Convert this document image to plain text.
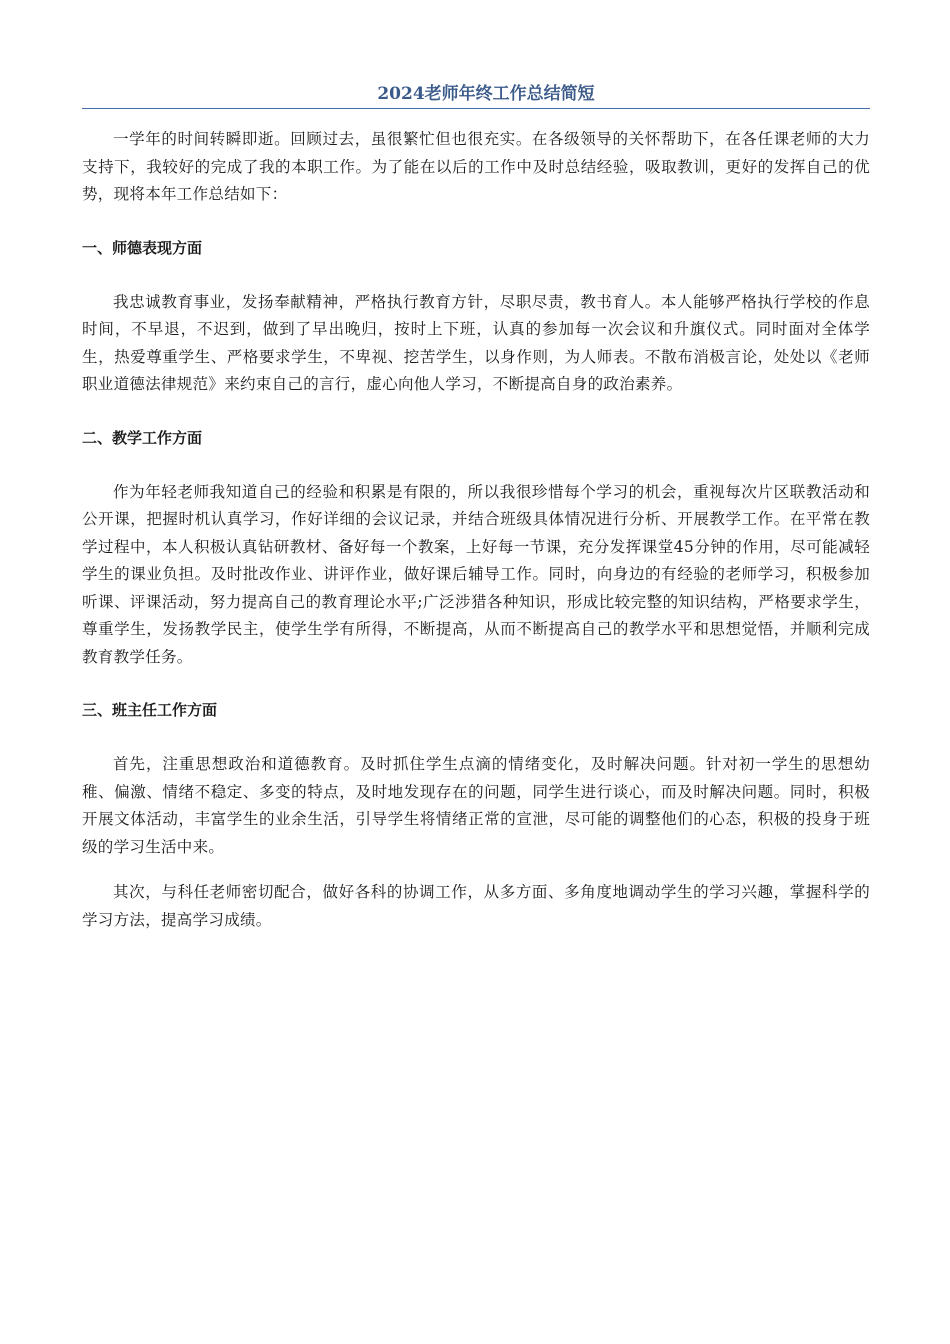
2024老师年终工作总结简短

一学年的时间转瞬即逝。回顾过去，虽很繁忙但也很充实。在各级领导的关怀帮助下，在各任课老师的大力支持下，我较好的完成了我的本职工作。为了能在以后的工作中及时总结经验，吸取教训，更好的发挥自己的优势，现将本年工作总结如下：

一、师德表现方面

我忠诚教育事业，发扬奉献精神，严格执行教育方针，尽职尽责，教书育人。本人能够严格执行学校的作息时间，不早退，不迟到，做到了早出晚归，按时上下班，认真的参加每一次会议和升旗仪式。同时面对全体学生，热爱尊重学生、严格要求学生，不卑视、挖苦学生，以身作则，为人师表。不散布消极言论，处处以《老师职业道德法律规范》来约束自己的言行，虚心向他人学习，不断提高自身的政治素养。

二、教学工作方面

作为年轻老师我知道自己的经验和积累是有限的，所以我很珍惜每个学习的机会，重视每次片区联教活动和公开课，把握时机认真学习，作好详细的会议记录，并结合班级具体情况进行分析、开展教学工作。在平常在教学过程中，本人积极认真钻研教材、备好每一个教案，上好每一节课，充分发挥课堂45分钟的作用，尽可能减轻学生的课业负担。及时批改作业、讲评作业，做好课后辅导工作。同时，向身边的有经验的老师学习，积极参加听课、评课活动，努力提高自己的教育理论水平;广泛涉猎各种知识，形成比较完整的知识结构，严格要求学生，尊重学生，发扬教学民主，使学生学有所得，不断提高，从而不断提高自己的教学水平和思想觉悟，并顺利完成教育教学任务。

三、班主任工作方面

首先，注重思想政治和道德教育。及时抓住学生点滴的情绪变化，及时解决问题。针对初一学生的思想幼稚、偏激、情绪不稳定、多变的特点，及时地发现存在的问题，同学生进行谈心，而及时解决问题。同时，积极开展文体活动，丰富学生的业余生活，引导学生将情绪正常的宣泄，尽可能的调整他们的心态，积极的投身于班级的学习生活中来。

其次，与科任老师密切配合，做好各科的协调工作，从多方面、多角度地调动学生的学习兴趣，掌握科学的学习方法，提高学习成绩。
